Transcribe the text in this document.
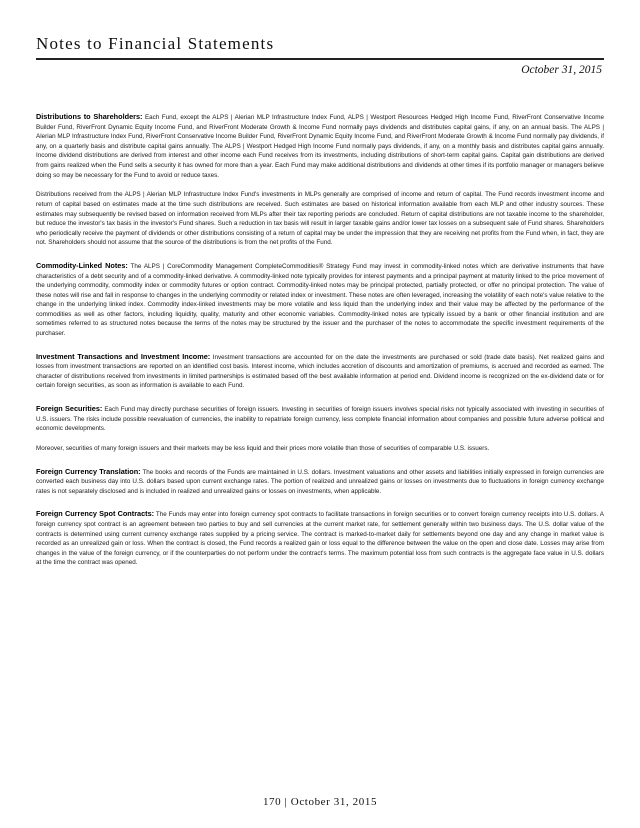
Notes to Financial Statements
October 31, 2015

Distributions to Shareholders: Each Fund, except the ALPS | Alerian MLP Infrastructure Index Fund, ALPS | Westport Resources Hedged High Income Fund, RiverFront Conservative Income Builder Fund, RiverFront Dynamic Equity Income Fund, and RiverFront Moderate Growth & Income Fund normally pays dividends and distributes capital gains, if any, on an annual basis. The ALPS | Alerian MLP Infrastructure Index Fund, RiverFront Conservative Income Builder Fund, RiverFront Dynamic Equity Income Fund, and RiverFront Moderate Growth & Income Fund normally pay dividends, if any, on a quarterly basis and distribute capital gains annually. The ALPS | Westport Hedged High Income Fund normally pays dividends, if any, on a monthly basis and distributes capital gains annually. Income dividend distributions are derived from interest and other income each Fund receives from its investments, including distributions of short-term capital gains. Capital gain distributions are derived from gains realized when the Fund sells a security it has owned for more than a year. Each Fund may make additional distributions and dividends at other times if its portfolio manager or managers believe doing so may be necessary for the Fund to avoid or reduce taxes.

Distributions received from the ALPS | Alerian MLP Infrastructure Index Fund's investments in MLPs generally are comprised of income and return of capital. The Fund records investment income and return of capital based on estimates made at the time such distributions are received. Such estimates are based on historical information available from each MLP and other industry sources. These estimates may subsequently be revised based on information received from MLPs after their tax reporting periods are concluded. Return of capital distributions are not taxable income to the shareholder, but reduce the investor's tax basis in the investor's Fund shares. Such a reduction in tax basis will result in larger taxable gains and/or lower tax losses on a subsequent sale of Fund shares. Shareholders who periodically receive the payment of dividends or other distributions consisting of a return of capital may be under the impression that they are receiving net profits from the Fund when, in fact, they are not. Shareholders should not assume that the source of the distributions is from the net profits of the Fund.

Commodity-Linked Notes: The ALPS | CoreCommodity Management CompleteCommodities® Strategy Fund may invest in commodity-linked notes which are derivative instruments that have characteristics of a debt security and of a commodity-linked derivative. A commodity-linked note typically provides for interest payments and a principal payment at maturity linked to the price movement of the underlying commodity, commodity index or commodity futures or option contract. Commodity-linked notes may be principal protected, partially protected, or offer no principal protection. The value of these notes will rise and fall in response to changes in the underlying commodity or related index or investment. These notes are often leveraged, increasing the volatility of each note's value relative to the change in the underlying linked index. Commodity index-linked investments may be more volatile and less liquid than the underlying index and their value may be affected by the performance of the commodities as well as other factors, including liquidity, quality, maturity and other economic variables. Commodity-linked notes are typically issued by a bank or other financial institution and are sometimes referred to as structured notes because the terms of the notes may be structured by the issuer and the purchaser of the notes to accommodate the specific investment requirements of the purchaser.

Investment Transactions and Investment Income: Investment transactions are accounted for on the date the investments are purchased or sold (trade date basis). Net realized gains and losses from investment transactions are reported on an identified cost basis. Interest income, which includes accretion of discounts and amortization of premiums, is accrued and recorded as earned. The character of distributions received from investments in limited partnerships is estimated based off the best available information at period end. Dividend income is recognized on the ex-dividend date or for certain foreign securities, as soon as information is available to each Fund.

Foreign Securities: Each Fund may directly purchase securities of foreign issuers. Investing in securities of foreign issuers involves special risks not typically associated with investing in securities of U.S. issuers. The risks include possible reevaluation of currencies, the inability to repatriate foreign currency, less complete financial information about companies and possible future adverse political and economic developments.

Moreover, securities of many foreign issuers and their markets may be less liquid and their prices more volatile than those of securities of comparable U.S. issuers.

Foreign Currency Translation: The books and records of the Funds are maintained in U.S. dollars. Investment valuations and other assets and liabilities initially expressed in foreign currencies are converted each business day into U.S. dollars based upon current exchange rates. The portion of realized and unrealized gains or losses on investments due to fluctuations in foreign currency exchange rates is not separately disclosed and is included in realized and unrealized gains or losses on investments, when applicable.

Foreign Currency Spot Contracts: The Funds may enter into foreign currency spot contracts to facilitate transactions in foreign securities or to convert foreign currency receipts into U.S. dollars. A foreign currency spot contract is an agreement between two parties to buy and sell currencies at the current market rate, for settlement generally within two business days. The U.S. dollar value of the contracts is determined using current currency exchange rates supplied by a pricing service. The contract is marked-to-market daily for settlements beyond one day and any change in market value is recorded as an unrealized gain or loss. When the contract is closed, the Fund records a realized gain or loss equal to the difference between the value on the open and close date. Losses may arise from changes in the value of the foreign currency, or if the counterparties do not perform under the contract's terms. The maximum potential loss from such contracts is the aggregate face value in U.S. dollars at the time the contract was opened.

170 | October 31, 2015
